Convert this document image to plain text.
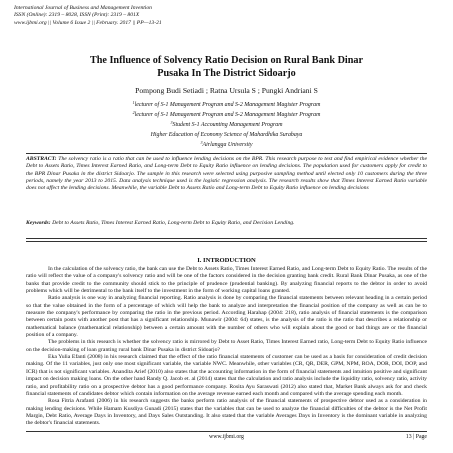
International Journal of Business and Management Invention
ISSN (Online): 2319 – 8028, ISSN (Print): 2319 – 801X
www.ijbmi.org || Volume 6 Issue 2 || February. 2017 || PP—13-21
The Influence of Solvency Ratio Decision on Rural Bank Dinar
Pusaka In The District Sidoarjo
Pompong Budi Setiadi ; Ratna Ursula S ; Pungki Andriani S
$^1$lecturer of S-1 Management Program and S-2 Management Magister Program
$^2$lecturer of S-1 Management Program and S-2 Management Magister Program
$^3$Student S-1 Accounting Management Program
Higher Education of Economy Science of Mahardhika Surabaya
$^3$Airlangga University
ABSTRACT: The solvency ratio is a ratio that can be used to influence lending decisions on the BPR. This research purpose to test and find empirical evidence whether the Debt to Assets Ratio, Times Interest Earned Ratio, and Long-term Debt to Equity Ratio influence on lending decisions. The population used for customers apply for credit to the BPR Dinar Pusaka in the district Sidoarjo. The sample in this research were selected using purposive sampling method until elected only 10 customers during the three periods, namely the year 2013 to 2015. Data analysis technique used is the logistic regression analysis. The research results show that Times Interest Earned Ratio variable does not affect the lending decisions. Meanwhile, the variable Debt to Assets Ratio and Long-term Debt to Equity Ratio influence on lending decisions
Keywords: Debt to Assets Ratio, Times Interest Earned Ratio, Long-term Debt to Equity Ratio, and Decision Lending.
I. INTRODUCTION

In the calculation of the solvency ratio, the bank can use the Debt to Assets Ratio, Times Interest Earned Ratio, and Long-term Debt to Equity Ratio. The results of the ratio will reflect the value of a company's solvency ratio and will be one of the factors considered in the decision granting bank credit. Rural Bank Dinar Pusaka, as one of the banks that provide credit to the community should stick to the principle of prudence (prudential banking). By analyzing financial reports to the debtor in order to avoid problems which will be detrimental to the bank itself to the investment in the form of working capital loans granted.

Ratio analysis is one way in analyzing financial reporting. Ratio analysis is done by comparing the financial statements between relevant heading in a certain period so that the value obtained in the form of a percentage of which will help the bank to analyze and interpretation the financial position of the company as well as can be to measure the company's performance by comparing the ratio in the previous period. According Harahap (2004: 218), ratio analysis of financial statements is the comparison between certain posts with another post that has a significant relationship. Munawir (2004: 64) states, is the analysis of the ratio is the ratio that describes a relationship or mathematical balance (mathematical relationship) between a certain amount with the number of others who will explain about the good or bad things are or the financial position of a company.

The problems in this research is whether the solvency ratio is mirrored by Debt to Asset Ratio, Times Interest Earned ratio, Long-term Debt to Equity Ratio influence on the decision-making of loan granting rural bank Dinar Pusaka in district Sidoarjo?

Eka Yulia Efanti (2008) in his research claimed that the effect of the ratio financial statements of customer can be used as a basis for consideration of credit decision making. Of the 11 variables, just only one most significant variable, the variable NWC. Meanwhile, other variables (CR, QR, DER, GPM, NPM, ROA, DOR, DOI, DOP, and ICR) that is not significant variables. Anandita Arief (2010) also states that the accounting information in the form of financial statements and intuition positive and significant impact on decision making loans. On the other hand Randy Q. Jacob et. al (2014) states that the calculation and ratio analysis include the liquidity ratio, solvency ratio, activity ratio, and profitability ratio on a prospective debtor has a good performance company. Rosita Ayu Saraswati (2012) also stated that, Market Bank always ask for and check financial statements of candidates debtor which contain information on the average revenue earned each month and compared with the average spending each month.

Rosa Fitria Arafanti (2006) in his research suggests the banks perform ratio analysis of the financial statements of prospective debtor used as a consideration in making lending decisions. While Hamam Kusdiya Gunadi (2015) states that the variables that can be used to analyze the financial difficulties of the debtor is the Net Profit Margin, Debt Ratio, Average Days in Inventory, and Days Sales Outstanding. It also stated that the variable Averages Days in Inventory is the dominant variable in analyzing the debtor's financial statements.

www.ijbmi.org	13 | Page
